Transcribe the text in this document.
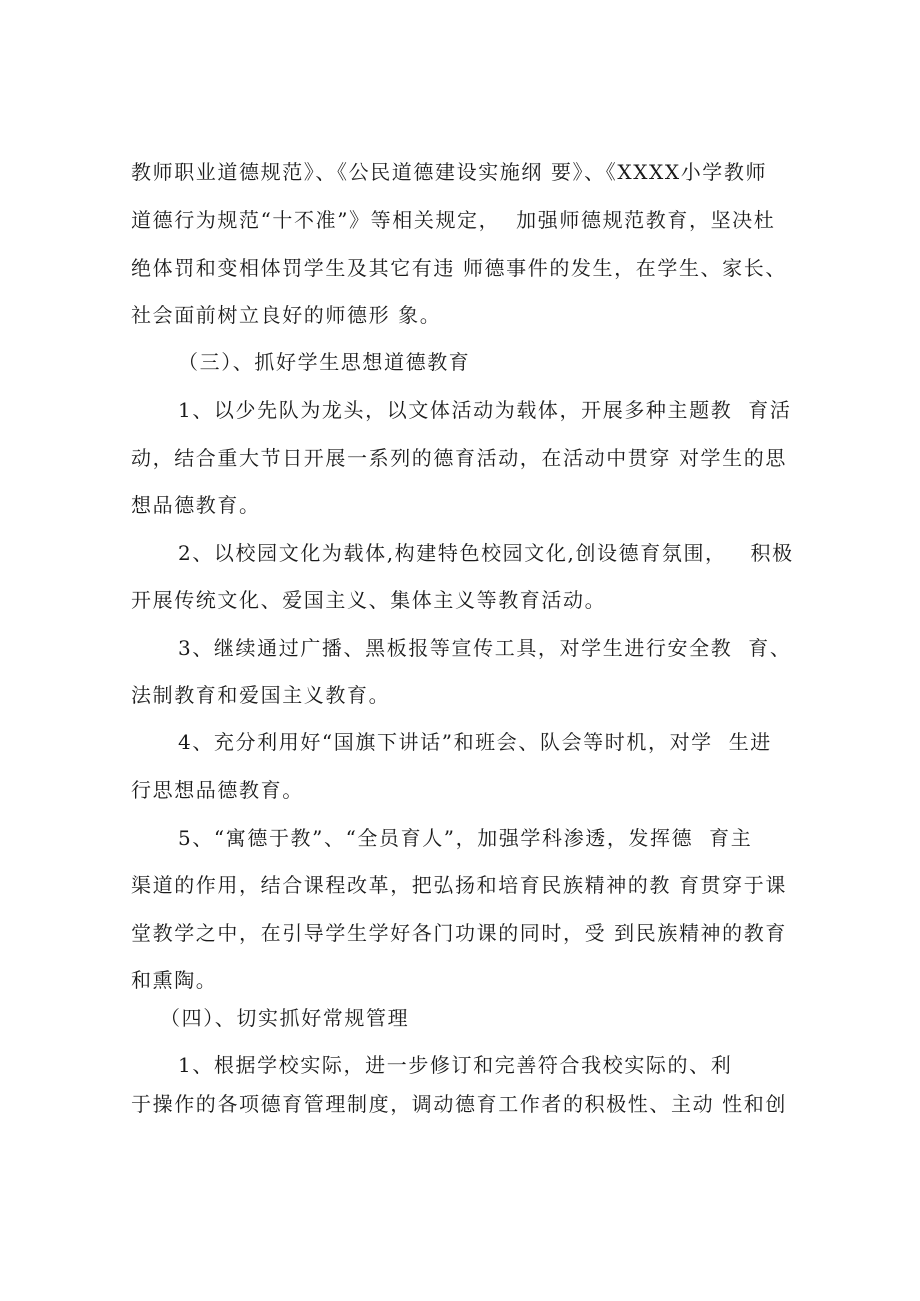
教师职业道德规范》、《公民道德建设实施纲 要》、《XXXX小学教师
道德行为规范“十不准”》等相关规定，  加强师德规范教育，坚决杜
绝体罚和变相体罚学生及其它有违 师德事件的发生，在学生、家长、
社会面前树立良好的师德形 象。
（三）、抓好学生思想道德教育
1、以少先队为龙头，以文体活动为载体，开展多种主题教  育活
动，结合重大节日开展一系列的德育活动，在活动中贯穿 对学生的思
想品德教育。
2、以校园文化为载体,构建特色校园文化,创设德育氛围，   积极
开展传统文化、爱国主义、集体主义等教育活动。
3、继续通过广播、黑板报等宣传工具，对学生进行安全教  育、
法制教育和爱国主义教育。
4、充分利用好“国旗下讲话”和班会、队会等时机，对学  生进
行思想品德教育。
5、“寓德于教”、“全员育人”，加强学科渗透，发挥德  育主
渠道的作用，结合课程改革，把弘扬和培育民族精神的教 育贯穿于课
堂教学之中，在引导学生学好各门功课的同时，受 到民族精神的教育
和熏陶。
（四）、切实抓好常规管理
1、根据学校实际，进一步修订和完善符合我校实际的、利
于操作的各项德育管理制度，调动德育工作者的积极性、主动 性和创
